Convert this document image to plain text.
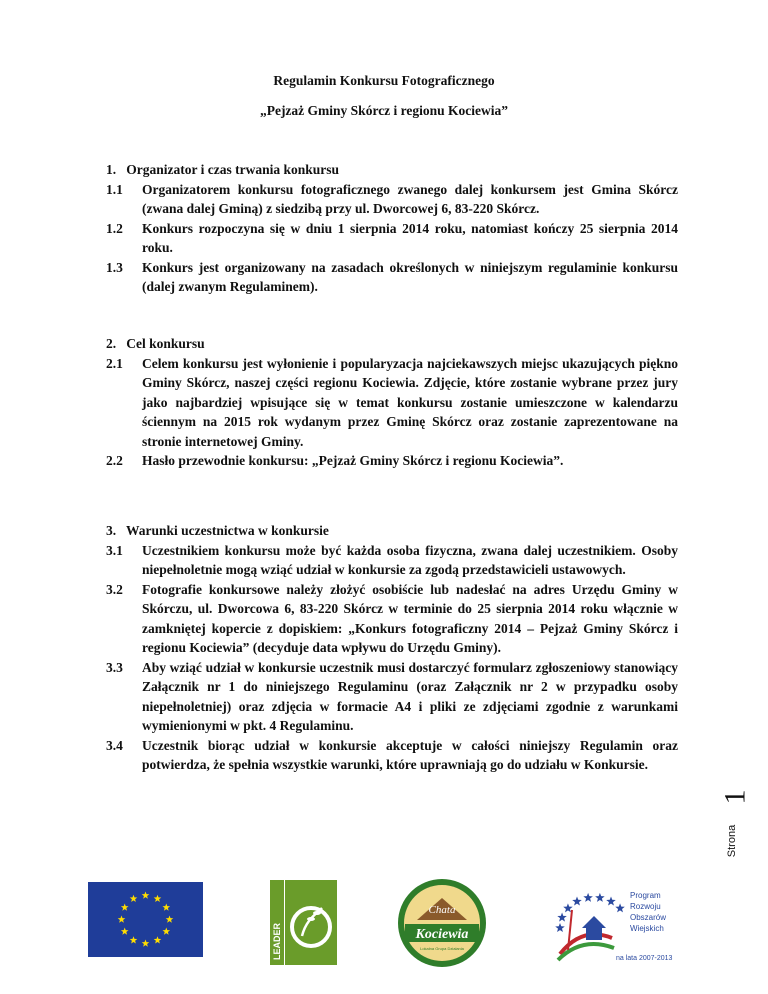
Regulamin Konkursu Fotograficznego
„Pejzaż Gminy Skórcz i regionu Kociewia”
1. Organizator i czas trwania konkursu
1.1	Organizatorem konkursu fotograficznego zwanego dalej konkursem jest Gmina Skórcz (zwana dalej Gminą) z siedzibą przy ul. Dworcowej 6, 83-220 Skórcz.
1.2	Konkurs rozpoczyna się w dniu 1 sierpnia 2014 roku, natomiast kończy 25 sierpnia 2014 roku.
1.3	Konkurs jest organizowany na zasadach określonych w niniejszym regulaminie konkursu (dalej zwanym Regulaminem).
2. Cel konkursu
2.1	Celem konkursu jest wyłonienie i popularyzacja najciekawszych miejsc ukazujących piękno Gminy Skórcz, naszej części regionu Kociewia. Zdjęcie, które zostanie wybrane przez jury jako najbardziej wpisujące się w temat konkursu zostanie umieszczone w kalendarzu ściennym na 2015 rok wydanym przez Gminę Skórcz oraz zostanie zaprezentowane na stronie internetowej Gminy.
2.2	Hasło przewodnie konkursu: „Pejzaż Gminy Skórcz i regionu Kociewia”.
3. Warunki uczestnictwa w konkursie
3.1	Uczestnikiem konkursu może być każda osoba fizyczna, zwana dalej uczestnikiem. Osoby niepełnoletnie mogą wziąć udział w konkursie za zgodą przedstawicieli ustawowych.
3.2	Fotografie konkursowe należy złożyć osobiście lub nadesłać na adres Urzędu Gminy w Skórczu, ul. Dworcowa 6, 83-220 Skórcz w terminie do 25 sierpnia 2014 roku włącznie w zamkniętej kopercie z dopiskiem: „Konkurs fotograficzny 2014 – Pejzaż Gminy Skórcz i regionu Kociewia” (decyduje data wpływu do Urzędu Gminy).
3.3	Aby wziąć udział w konkursie uczestnik musi dostarczyć formularz zgłoszeniowy stanowiący Załącznik nr 1 do niniejszego Regulaminu (oraz Załącznik nr 2 w przypadku osoby niepełnoletniej) oraz zdjęcia w formacie A4 i pliki ze zdjęciami zgodnie z warunkami wymienionymi w pkt. 4 Regulaminu.
3.4	Uczestnik biorąc udział w konkursie akceptuje w całości niniejszy Regulamin oraz potwierdza, że spełnia wszystkie warunki, które uprawniają go do udziału w Konkursie.
1
Strona
LEADER
Chata
Kociewia
Lokalna Grupa Działania
Program
Rozwoju
Obszarów
Wiejskich
na lata 2007-2013
